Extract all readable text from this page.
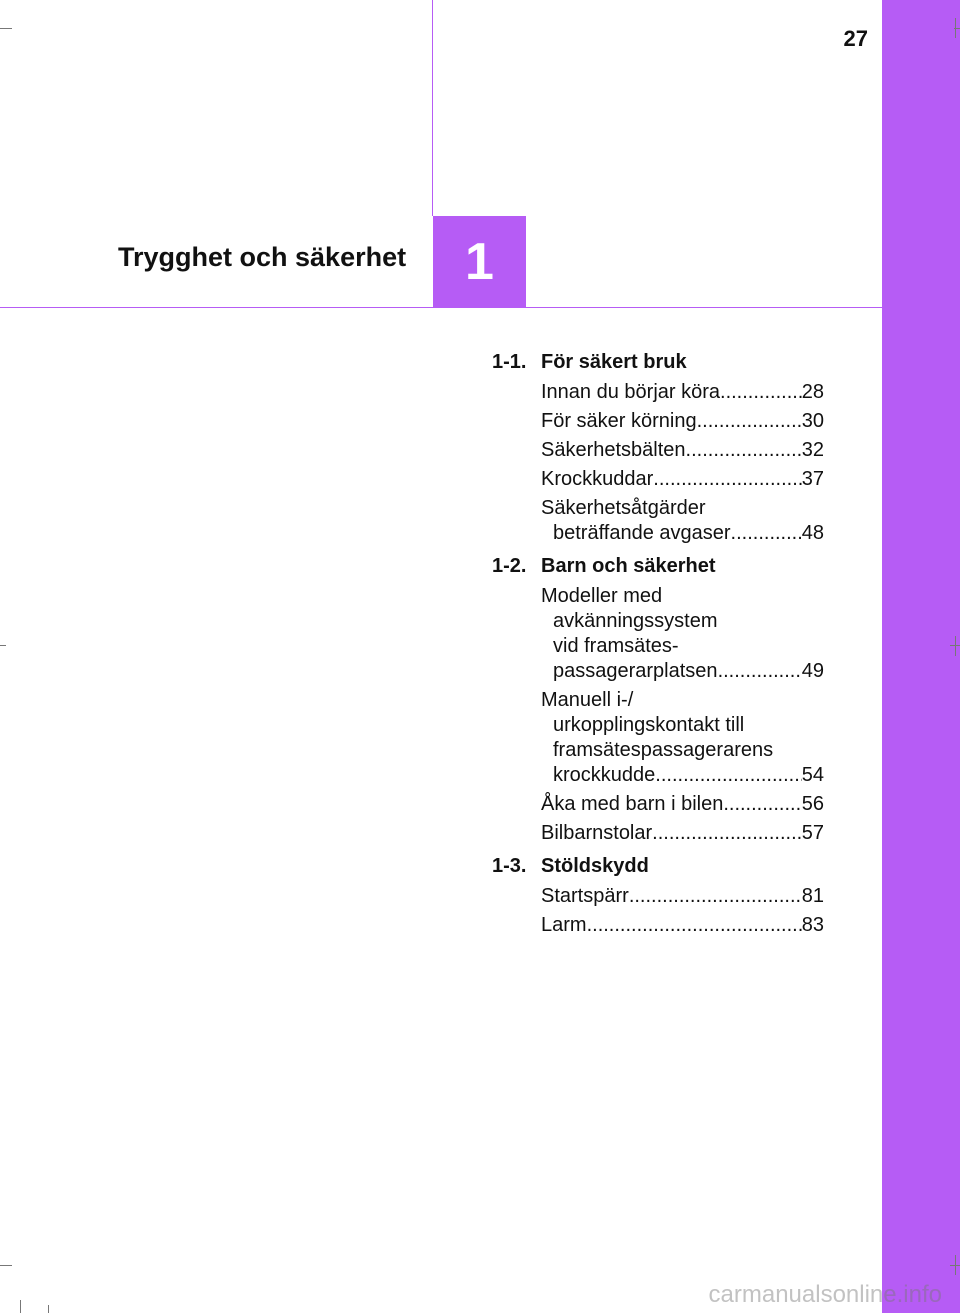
27
Trygghet och säkerhet 1
1-1. För säkert bruk
Innan du börjar köra .....	28
För säker körning .....	30
Säkerhetsbälten .....	32
Krockkuddar .....	37
Säkerhetsåtgärder
beträffande avgaser .....	48
1-2. Barn och säkerhet
Modeller med
avkänningssystem
vid framsätes-
passagerarplatsen .....	49
Manuell i-/
urkopplingskontakt till
framsätespassagerarens
krockkudde .....	54
Åka med barn i bilen .....	56
Bilbarnstolar .....	57
1-3. Stöldskydd
Startspärr .....	81
Larm .....	83
carmanualsonline.info
